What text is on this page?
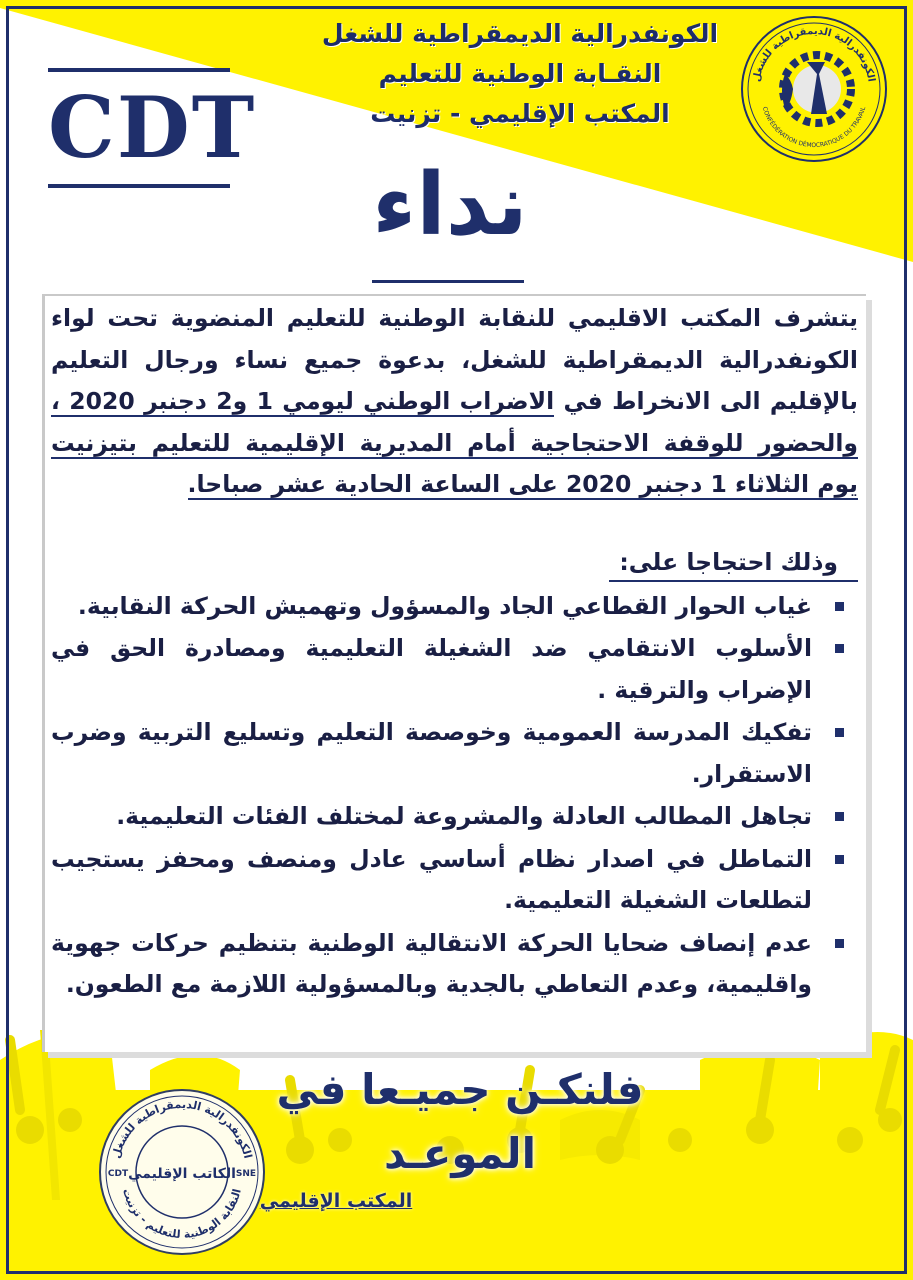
الكونفدرالية الديمقراطية للشغل
النقـابة الوطنية للتعليم
المكتب الإقليمي - تزنيت
الكونفدرالية الديمقراطية للشغل
CONFÉDÉRATION DÉMOCRATIQUE DU TRAVAIL
CDT
نداء

يتشرف المكتب الاقليمي للنقابة الوطنية للتعليم المنضوية تحت لواء الكونفدرالية الديمقراطية للشغل، بدعوة جميع نساء ورجال التعليم بالإقليم الى الانخراط في الاضراب الوطني ليومي 1 و2 دجنبر 2020 ، والحضور للوقفة الاحتجاجية أمام المديرية الإقليمية للتعليم بتيزنيت يوم الثلاثاء 1 دجنبر 2020 على الساعة الحادية عشر صباحا.

وذلك احتجاجا على:
غياب الحوار القطاعي الجاد والمسؤول وتهميش الحركة النقابية.
الأسلوب الانتقامي ضد الشغيلة التعليمية ومصادرة الحق في الإضراب والترقية .
تفكيك المدرسة العمومية وخوصصة التعليم وتسليع التربية وضرب الاستقرار.
تجاهل المطالب العادلة والمشروعة لمختلف الفئات التعليمية.
التماطل في اصدار نظام أساسي عادل ومنصف ومحفز يستجيب لتطلعات الشغيلة التعليمية.
عدم إنصاف ضحايا الحركة الانتقالية الوطنية بتنظيم حركات جهوية واقليمية، وعدم التعاطي بالجدية وبالمسؤولية اللازمة مع الطعون.
فلنكـن جميـعا في الموعـد
الكونفدرالية الديمقراطية للشغل
النقابة الوطنية للتعليم - تزنيت
الكاتب الإقليمي
CDT	SNE
المكتب الإقليمي
